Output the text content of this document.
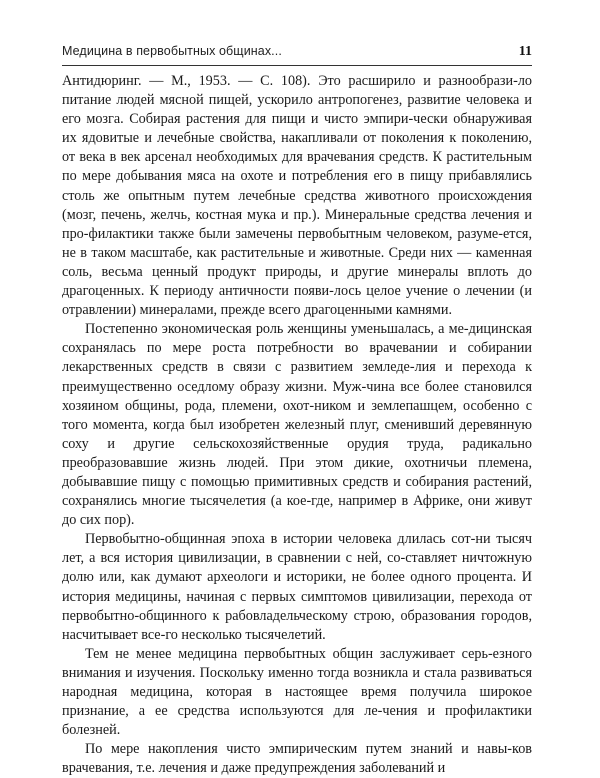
Медицина в первобытных общинах...	11

Антидюринг. — М., 1953. — С. 108). Это расширило и разнообрази-ло питание людей мясной пищей, ускорило антропогенез, развитие человека и его мозга. Собирая растения для пищи и чисто эмпири-чески обнаруживая их ядовитые и лечебные свойства, накапливали от поколения к поколению, от века в век арсенал необходимых для врачевания средств. К растительным по мере добывания мяса на охоте и потребления его в пищу прибавлялись столь же опытным путем лечебные средства животного происхождения (мозг, печень, желчь, костная мука и пр.). Минеральные средства лечения и про-филактики также были замечены первобытным человеком, разуме-ется, не в таком масштабе, как растительные и животные. Среди них — каменная соль, весьма ценный продукт природы, и другие минералы вплоть до драгоценных. К периоду античности появи-лось целое учение о лечении (и отравлении) минералами, прежде всего драгоценными камнями.

Постепенно экономическая роль женщины уменьшалась, а ме-дицинская сохранялась по мере роста потребности во врачевании и собирании лекарственных средств в связи с развитием земледе-лия и перехода к преимущественно оседлому образу жизни. Муж-чина все более становился хозяином общины, рода, племени, охот-ником и землепашцем, особенно с того момента, когда был изобретен железный плуг, сменивший деревянную соху и другие сельскохозяйственные орудия труда, радикально преобразовавшие жизнь людей. При этом дикие, охотничьи племена, добывавшие пищу с помощью примитивных средств и собирания растений, сохранялись многие тысячелетия (а кое-где, например в Африке, они живут до сих пор).

Первобытно-общинная эпоха в истории человека длилась сот-ни тысяч лет, а вся история цивилизации, в сравнении с ней, со-ставляет ничтожную долю или, как думают археологи и историки, не более одного процента. И история медицины, начиная с первых симптомов цивилизации, перехода от первобытно-общинного к рабовладельческому строю, образования городов, насчитывает все-го несколько тысячелетий.

Тем не менее медицина первобытных общин заслуживает серь-езного внимания и изучения. Поскольку именно тогда возникла и стала развиваться народная медицина, которая в настоящее время получила широкое признание, а ее средства используются для ле-чения и профилактики болезней.

По мере накопления чисто эмпирическим путем знаний и навы-ков врачевания, т.е. лечения и даже предупреждения заболеваний и
